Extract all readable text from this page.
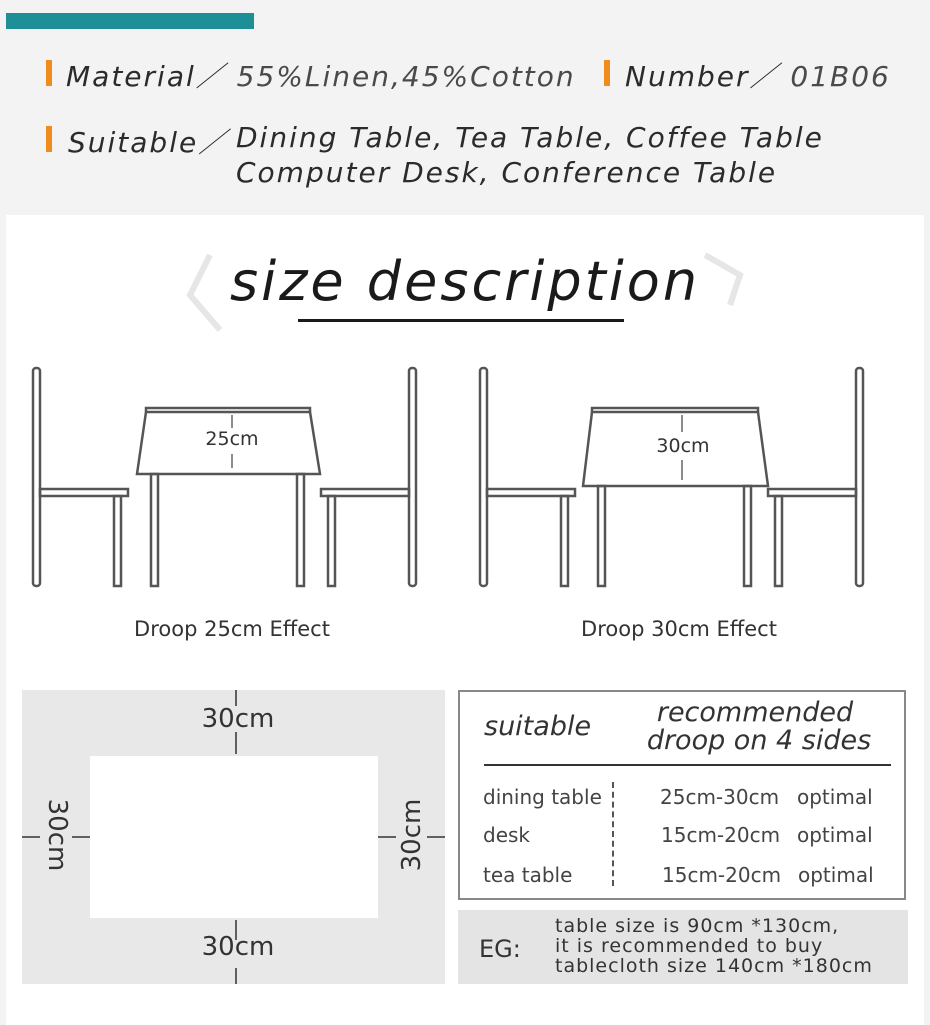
Material／ 55%Linen,45%Cotton Number／ 01B06
Suitable／ Dining Table, Tea Table, Coffee Table
Computer Desk, Conference Table
size description
25cm
Droop 25cm Effect
30cm
Droop 30cm Effect
30cm
30cm
30cm	30cm
suitable	recommended
droop on 4 sides
dining table	25cm-30cm optimal
desk	15cm-20cm optimal
tea table	15cm-20cm optimal
EG:
table size is 90cm *130cm,
it is recommended to buy
tablecloth size 140cm *180cm
